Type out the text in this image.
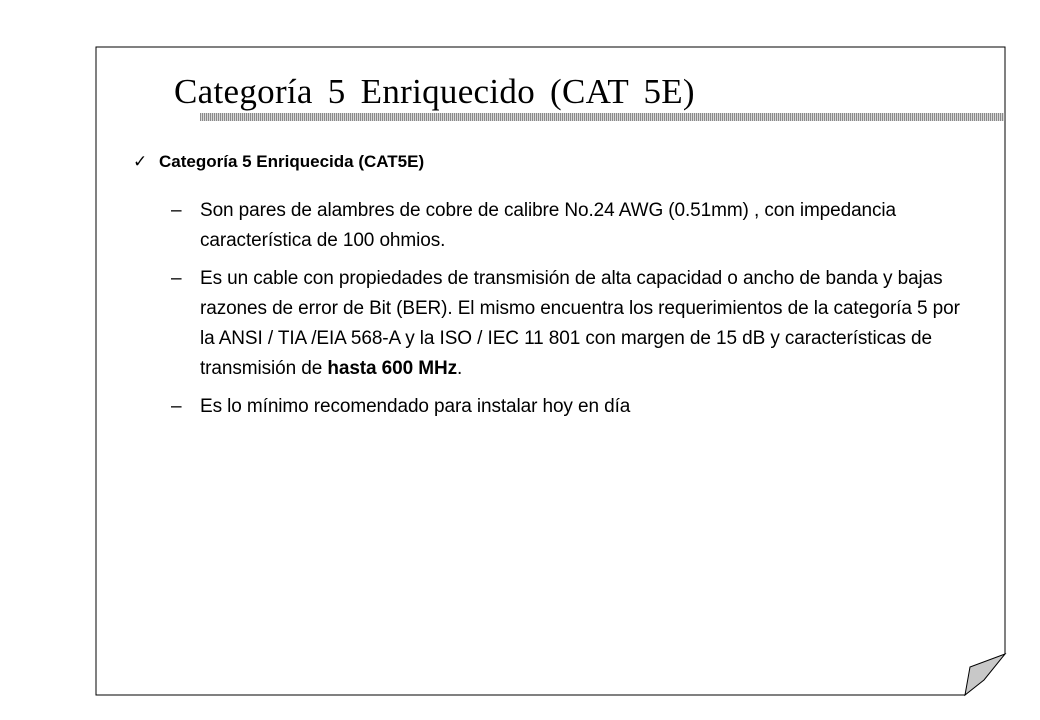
Categoría 5 Enriquecido (CAT 5E)
✓ Categoría 5 Enriquecida (CAT5E)
– Son pares de alambres de cobre de calibre No.24 AWG (0.51mm) , con impedancia característica de 100 ohmios.
– Es un cable con propiedades de transmisión de alta capacidad o ancho de banda y bajas razones de error de Bit (BER). El mismo encuentra los requerimientos de la categoría 5 por la ANSI / TIA /EIA 568-A y la ISO / IEC 11 801 con margen de 15 dB y características de transmisión de hasta 600 MHz.
– Es lo mínimo recomendado para instalar hoy en día
